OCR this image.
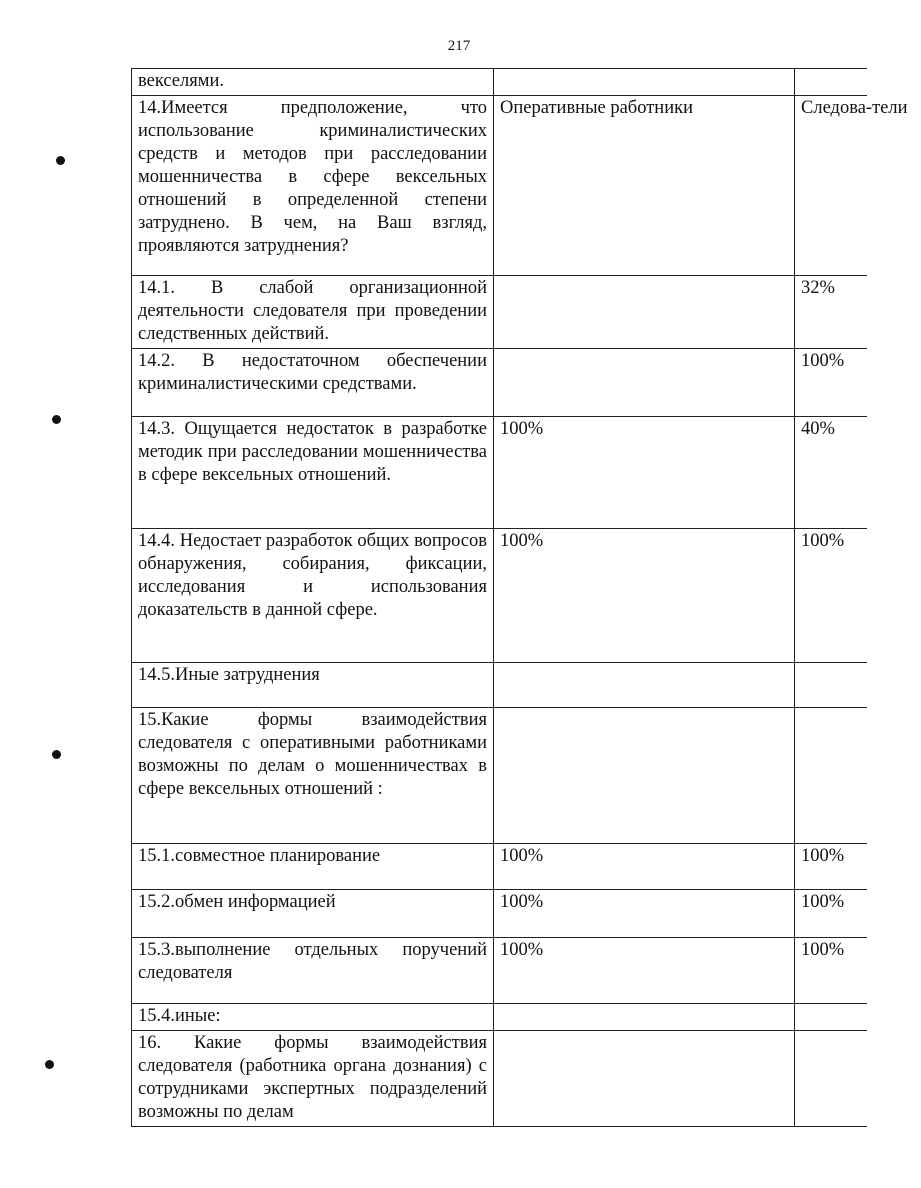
217
векселями.		
14.Имеется предположение, что использование криминалистических средств и методов при расследовании мошенничества в сфере вексельных отношений в определенной степени затруднено. В чем, на Ваш взгляд, проявляются затруднения?	Оперативные работники	Следова-тели

14.1. В слабой организационной деятельности следователя при проведении следственных действий.		32%
14.2. В недостаточном обеспечении криминалистическими средствами.		100%
14.3. Ощущается недостаток в разработке методик при расследовании мошенничества в сфере вексельных отношений.	100%	40%
14.4. Недостает разработок общих вопросов обнаружения, собирания, фиксации, исследования и использования доказательств в данной сфере.	100%	100%
14.5.Иные затруднения		
15.Какие формы взаимодействия следователя с оперативными работниками возможны по делам о мошенничествах в сфере вексельных отношений :		
15.1.совместное планирование	100%	100%
15.2.обмен информацией	100%	100%
15.3.выполнение отдельных поручений следователя	100%	100%
15.4.иные:		
16. Какие формы взаимодействия следователя (работника органа дознания) с сотрудниками экспертных подразделений возможны по делам		
